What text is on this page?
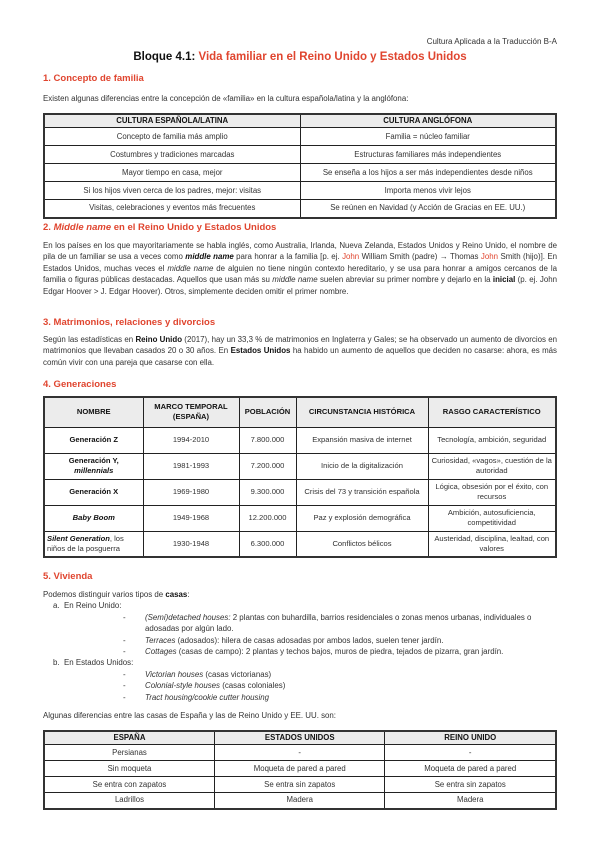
Cultura Aplicada a la Traducción B-A
Bloque 4.1: Vida familiar en el Reino Unido y Estados Unidos
1. Concepto de familia

Existen algunas diferencias entre la concepción de «familia» en la cultura española/latina y la anglófona:

CULTURA ESPAÑOLA/LATINA	CULTURA ANGLÓFONA
Concepto de familia más amplio	Familia = núcleo familiar
Costumbres y tradiciones marcadas	Estructuras familiares más independientes
Mayor tiempo en casa, mejor	Se enseña a los hijos a ser más independientes desde niños
Si los hijos viven cerca de los padres, mejor: visitas	Importa menos vivir lejos
Visitas, celebraciones y eventos más frecuentes	Se reúnen en Navidad (y Acción de Gracias en EE. UU.)
2. Middle name en el Reino Unido y Estados Unidos

En los países en los que mayoritariamente se habla inglés, como Australia, Irlanda, Nueva Zelanda, Estados Unidos y Reino Unido, el nombre de pila de un familiar se usa a veces como middle name para honrar a la familia [p. ej. John William Smith (padre) → Thomas John Smith (hijo)]. En Estados Unidos, muchas veces el middle name de alguien no tiene ningún contexto hereditario, y se usa para honrar a amigos cercanos de la familia o figuras públicas destacadas. Aquellos que usan más su middle name suelen abreviar su primer nombre y dejarlo en la inicial (p. ej. John Edgar Hoover > J. Edgar Hoover). Otros, simplemente deciden omitir el primer nombre.

3. Matrimonios, relaciones y divorcios

Según las estadísticas en Reino Unido (2017), hay un 33,3 % de matrimonios en Inglaterra y Gales; se ha observado un aumento de divorcios en matrimonios que llevaban casados 20 o 30 años. En Estados Unidos ha habido un aumento de aquellos que deciden no casarse: ahora, es más común vivir con una pareja que casarse con ella.

4. Generaciones
NOMBRE	MARCO TEMPORAL (ESPAÑA)	POBLACIÓN	CIRCUNSTANCIA HISTÓRICA	RASGO CARACTERÍSTICO
Generación Z	1994-2010	7.800.000	Expansión masiva de internet	Tecnología, ambición, seguridad
Generación Y,
millennials	1981-1993	7.200.000	Inicio de la digitalización	Curiosidad, «vagos», cuestión de la autoridad
Generación X	1969-1980	9.300.000	Crisis del 73 y transición española	Lógica, obsesión por el éxito, con recursos
Baby Boom	1949-1968	12.200.000	Paz y explosión demográfica	Ambición, autosuficiencia, competitividad
Silent Generation, los niños de la posguerra	1930-1948	6.300.000	Conflictos bélicos	Austeridad, disciplina, lealtad, con valores
5. Vivienda
Podemos distinguir varios tipos de casas:
a. En Reino Unido:
- (Semi)detached houses: 2 plantas con buhardilla, barrios residenciales o zonas menos urbanas, individuales o adosadas por algún lado.
- Terraces (adosados): hilera de casas adosadas por ambos lados, suelen tener jardín.
- Cottages (casas de campo): 2 plantas y techos bajos, muros de piedra, tejados de pizarra, gran jardín.
b. En Estados Unidos:
- Victorian houses (casas victorianas)
- Colonial-style houses (casas coloniales)
- Tract housing/cookie cutter housing

Algunas diferencias entre las casas de España y las de Reino Unido y EE. UU. son:

ESPAÑA	ESTADOS UNIDOS	REINO UNIDO
Persianas	-	-
Sin moqueta	Moqueta de pared a pared	Moqueta de pared a pared
Se entra con zapatos	Se entra sin zapatos	Se entra sin zapatos
Ladrillos	Madera	Madera
